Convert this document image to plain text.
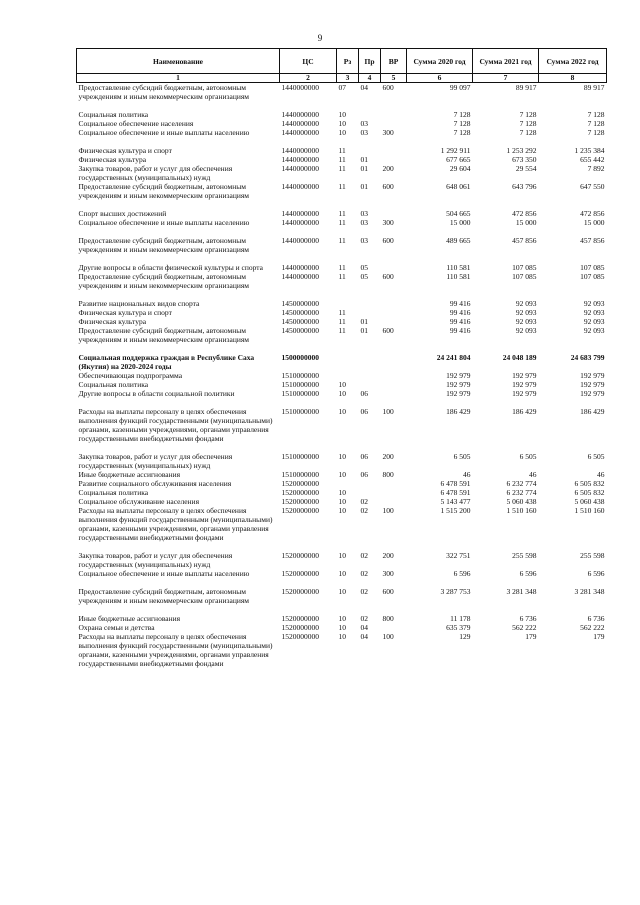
9
Наименование	ЦС	Рз	Пр	ВР	Сумма 2020 год	Сумма 2021 год	Сумма 2022 год
1	2	3	4	5	6	7	8
Предоставление субсидий бюджетным, автономным учреждениям и иным некоммерческим организациям	1440000000	07	04	600	99 097	89 917	89 917

Социальная политика	1440000000	10			7 128	7 128	7 128
Социальное обеспечение населения	1440000000	10	03		7 128	7 128	7 128
Социальное обеспечение и иные выплаты населению	1440000000	10	03	300	7 128	7 128	7 128

Физическая культура и спорт	1440000000	11			1 292 911	1 253 292	1 235 384
Физическая культура	1440000000	11	01		677 665	673 350	655 442
Закупка товаров, работ и услуг для обеспечения государственных (муниципальных) нужд	1440000000	11	01	200	29 604	29 554	7 892
Предоставление субсидий бюджетным, автономным учреждениям и иным некоммерческим организациям	1440000000	11	01	600	648 061	643 796	647 550

Спорт высших достижений	1440000000	11	03		504 665	472 856	472 856
Социальное обеспечение и иные выплаты населению	1440000000	11	03	300	15 000	15 000	15 000

Предоставление субсидий бюджетным, автономным учреждениям и иным некоммерческим организациям	1440000000	11	03	600	489 665	457 856	457 856

Другие вопросы в области физической культуры и спорта	1440000000	11	05		110 581	107 085	107 085
Предоставление субсидий бюджетным, автономным учреждениям и иным некоммерческим организациям	1440000000	11	05	600	110 581	107 085	107 085

Развитие национальных видов спорта	1450000000				99 416	92 093	92 093
Физическая культура и спорт	1450000000	11			99 416	92 093	92 093
Физическая культура	1450000000	11	01		99 416	92 093	92 093
Предоставление субсидий бюджетным, автономным учреждениям и иным некоммерческим организациям	1450000000	11	01	600	99 416	92 093	92 093

Социальная поддержка граждан в Республике Саха (Якутия) на 2020-2024 годы	1500000000				24 241 804	24 048 189	24 683 799
Обеспечивающая подпрограмма	1510000000				192 979	192 979	192 979
Социальная политика	1510000000	10			192 979	192 979	192 979
Другие вопросы в области социальной политики	1510000000	10	06		192 979	192 979	192 979

Расходы на выплаты персоналу в целях обеспечения выполнения функций государственными (муниципальными) органами, казенными учреждениями, органами управления государственными внебюджетными фондами	1510000000	10	06	100	186 429	186 429	186 429

Закупка товаров, работ и услуг для обеспечения государственных (муниципальных) нужд	1510000000	10	06	200	6 505	6 505	6 505
Иные бюджетные ассигнования	1510000000	10	06	800	46	46	46
Развитие социального обслуживания населения	1520000000				6 478 591	6 232 774	6 505 832
Социальная политика	1520000000	10			6 478 591	6 232 774	6 505 832
Социальное обслуживание населения	1520000000	10	02		5 143 477	5 060 438	5 060 438
Расходы на выплаты персоналу в целях обеспечения выполнения функций государственными (муниципальными) органами, казенными учреждениями, органами управления государственными внебюджетными фондами	1520000000	10	02	100	1 515 200	1 510 160	1 510 160

Закупка товаров, работ и услуг для обеспечения государственных (муниципальных) нужд	1520000000	10	02	200	322 751	255 598	255 598
Социальное обеспечение и иные выплаты населению	1520000000	10	02	300	6 596	6 596	6 596

Предоставление субсидий бюджетным, автономным учреждениям и иным некоммерческим организациям	1520000000	10	02	600	3 287 753	3 281 348	3 281 348

Иные бюджетные ассигнования	1520000000	10	02	800	11 178	6 736	6 736
Охрана семьи и детства	1520000000	10	04		635 379	562 222	562 222
Расходы на выплаты персоналу в целях обеспечения выполнения функций государственными (муниципальными) органами, казенными учреждениями, органами управления государственными внебюджетными фондами	1520000000	10	04	100	129	179	179
